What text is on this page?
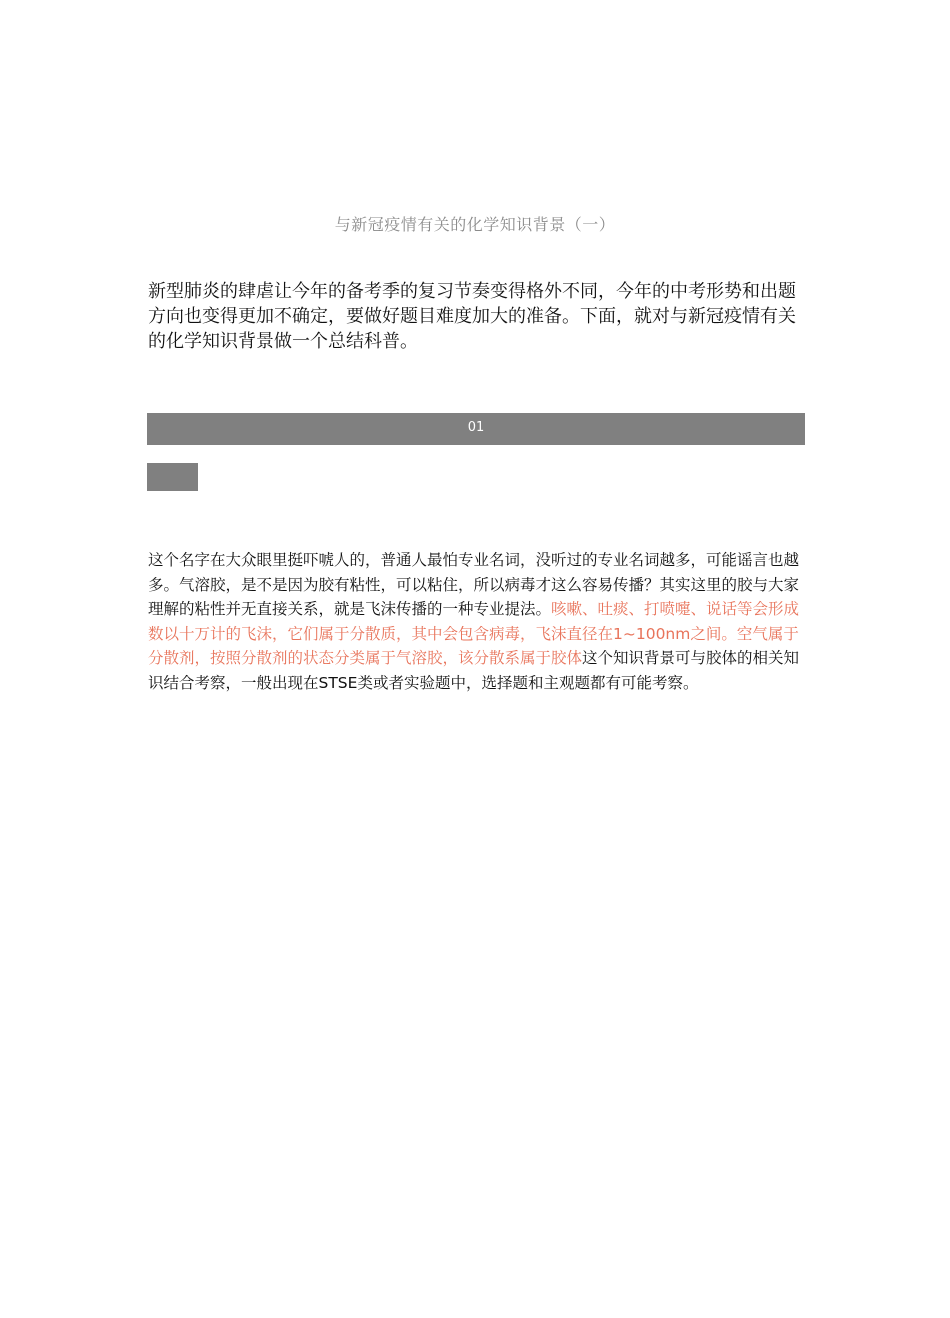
与新冠疫情有关的化学知识背景（一）

新型肺炎的肆虐让今年的备考季的复习节奏变得格外不同，今年的中考形势和出题方向也变得更加不确定，要做好题目难度加大的准备。下面，就对与新冠疫情有关的化学知识背景做一个总结科普。

01

这个名字在大众眼里挺吓唬人的，普通人最怕专业名词，没听过的专业名词越多，可能谣言也越多。气溶胶，是不是因为胶有粘性，可以粘住，所以病毒才这么容易传播？其实这里的胶与大家理解的粘性并无直接关系，就是飞沫传播的一种专业提法。咳嗽、吐痰、打喷嚏、说话等会形成数以十万计的飞沫，它们属于分散质，其中会包含病毒，飞沫直径在1~100nm之间。空气属于分散剂，按照分散剂的状态分类属于气溶胶，该分散系属于胶体这个知识背景可与胶体的相关知识结合考察，一般出现在STSE类或者实验题中，选择题和主观题都有可能考察。
